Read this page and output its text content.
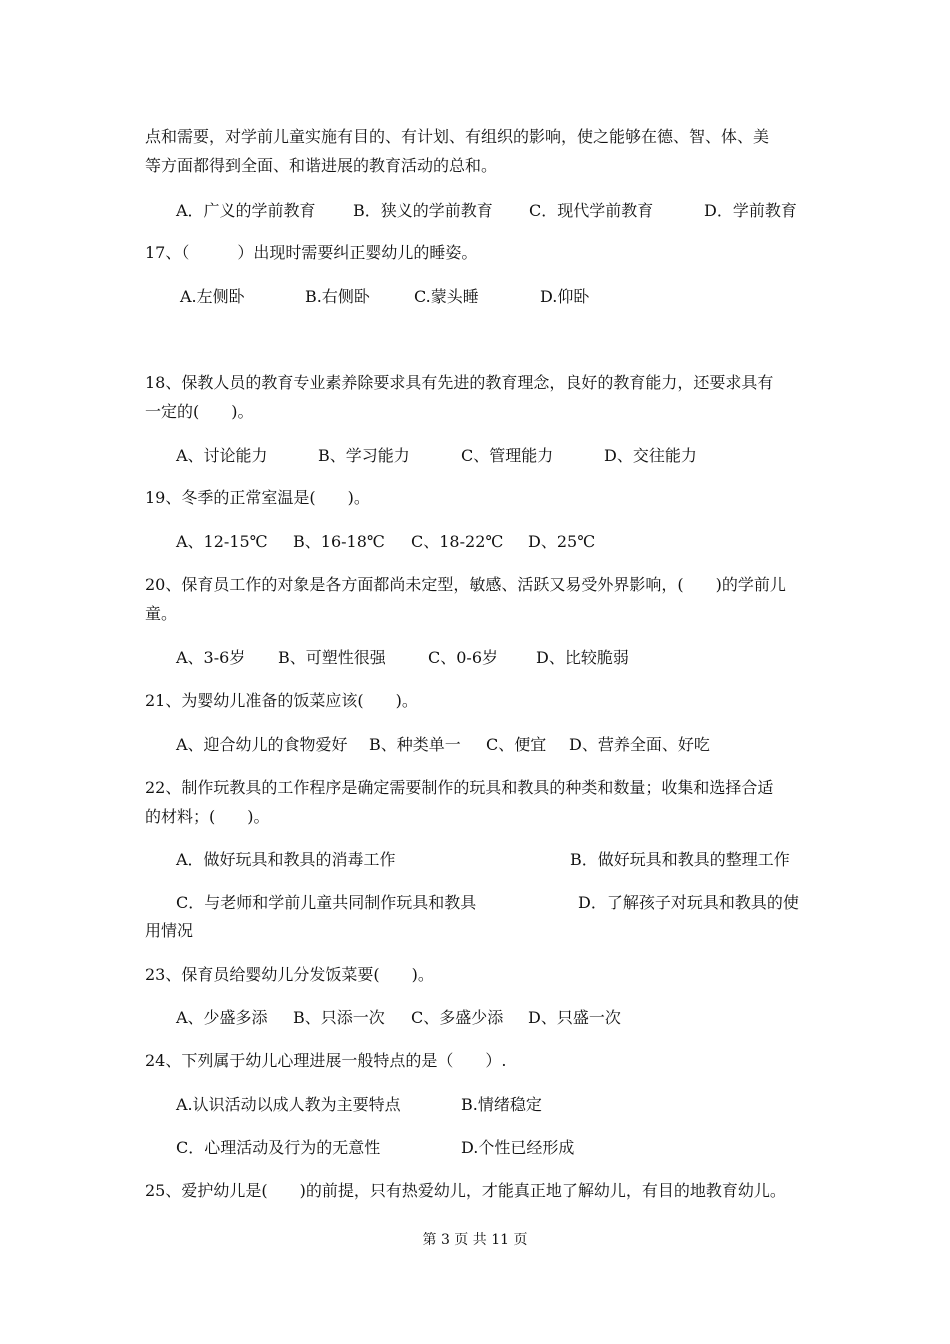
点和需要，对学前儿童实施有目的、有计划、有组织的影响，使之能够在德、智、体、美
等方面都得到全面、和谐进展的教育活动的总和。
A．广义的学前教育 B．狭义的学前教育 C．现代学前教育	D．学前教育
17、（　　　）出现时需要纠正婴幼儿的睡姿。
A.左侧卧	B.右侧卧	C.蒙头睡	D.仰卧
18、保教人员的教育专业素养除要求具有先进的教育理念，良好的教育能力，还要求具有
一定的(　　)。
A、讨论能力	B、学习能力	C、管理能力	D、交往能力
19、冬季的正常室温是(　　)。
A、12-15℃ B、16-18℃ C、18-22℃ D、25℃
20、保育员工作的对象是各方面都尚未定型，敏感、活跃又易受外界影响，(　　)的学前儿
童。
A、3-6岁 B、可塑性很强	C、0-6岁 D、比较脆弱
21、为婴幼儿准备的饭菜应该(　　)。
A、迎合幼儿的食物爱好 B、种类单一 C、便宜 D、营养全面、好吃
22、制作玩教具的工作程序是确定需要制作的玩具和教具的种类和数量；收集和选择合适
的材料；(　　)。
A．做好玩具和教具的消毒工作	B．做好玩具和教具的整理工作
C．与老师和学前儿童共同制作玩具和教具	D．了解孩子对玩具和教具的使
用情况
23、保育员给婴幼儿分发饭菜要(　　)。
A、少盛多添 B、只添一次 C、多盛少添 D、只盛一次
24、下列属于幼儿心理进展一般特点的是（　　）.
A.认识活动以成人教为主要特点	B.情绪稳定
C．心理活动及行为的无意性	D.个性已经形成
25、爱护幼儿是(　　)的前提，只有热爱幼儿，才能真正地了解幼儿，有目的地教育幼儿。
第 3 页 共 11 页
